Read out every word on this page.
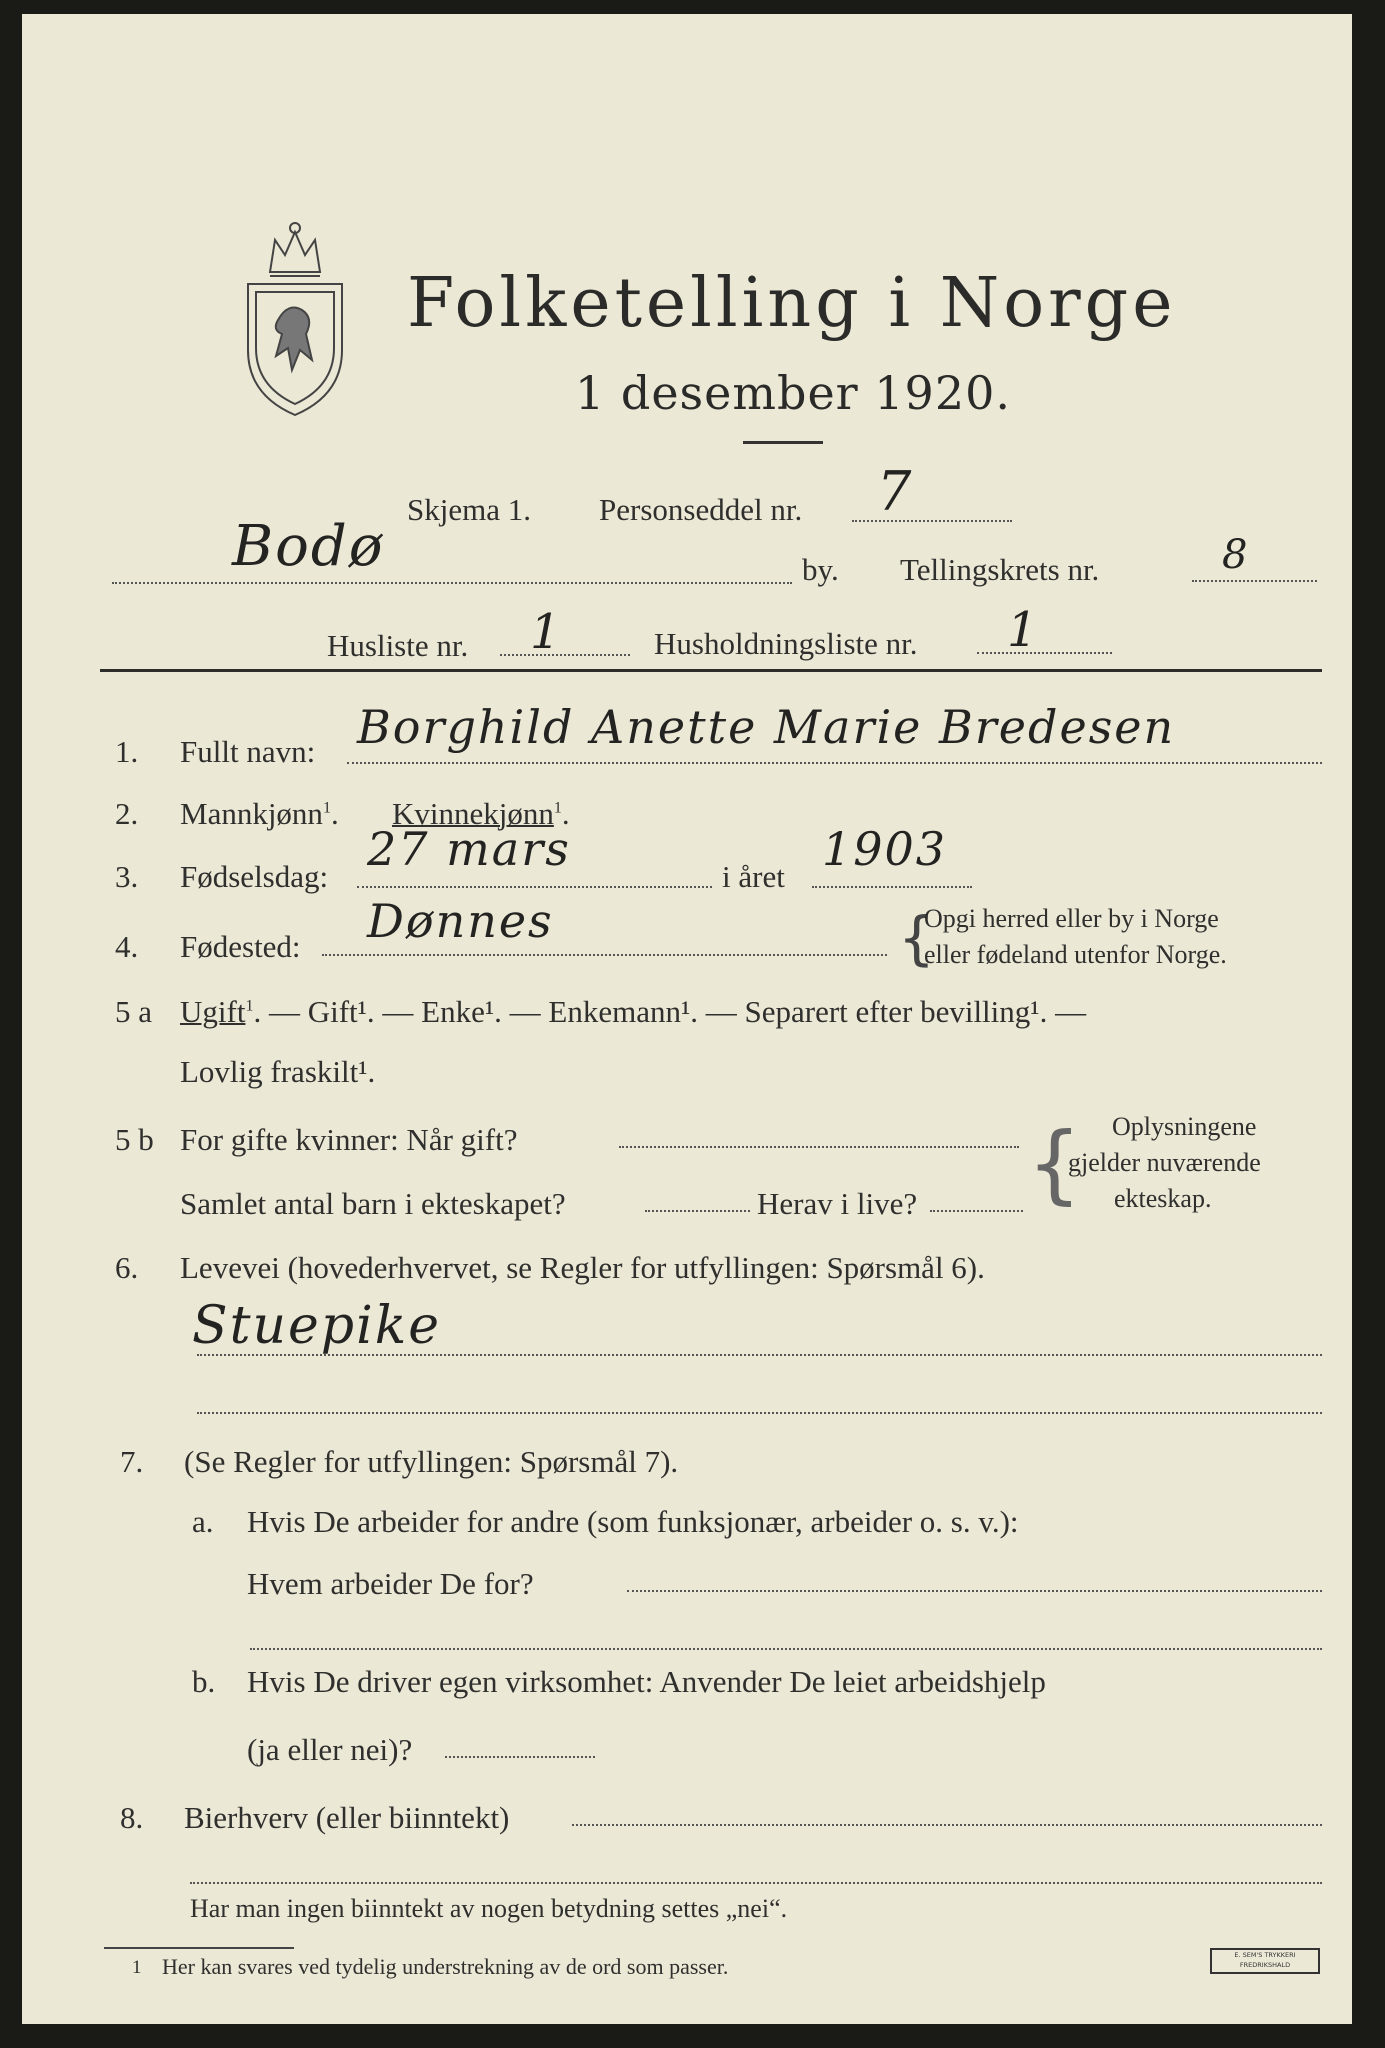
Folketelling i Norge
1 desember 1920.
Skjema 1. Personseddel nr. 7
Bodø	by. Tellingskrets nr.	8
Husliste nr. 1	Husholdningsliste nr. 1
1. Fullt navn: Borghild Anette Marie Bredesen
2. Mannkjønn$^1$. Kvinnekjønn$^1$.
3. Fødselsdag:
27 mars
i året
1903
4. Fødested: Dønnes	{
Opgi herred eller by i Norge
eller fødeland utenfor Norge.
5 a Ugift$^1$. — Gift¹. — Enke¹. — Enkemann¹. — Separert efter bevilling¹. —
Lovlig fraskilt¹.
5 b For gifte kvinner: Når gift?
Samlet antal barn i ekteskapet?	Herav i live? { Oplysningene
gjelder nuværende
ekteskap.
6. Levevei (hovederhvervet, se Regler for utfyllingen: Spørsmål 6).
Stuepike
7. (Se Regler for utfyllingen: Spørsmål 7).
a. Hvis De arbeider for andre (som funksjonær, arbeider o. s. v.):
Hvem arbeider De for?
b. Hvis De driver egen virksomhet: Anvender De leiet arbeidshjelp
(ja eller nei)?
8. Bierhverv (eller biinntekt)
Har man ingen biinntekt av nogen betydning settes „nei“.
1 Her kan svares ved tydelig understrekning av de ord som passer.	E. SEM'S TRYKKERI
FREDRIKSHALD
